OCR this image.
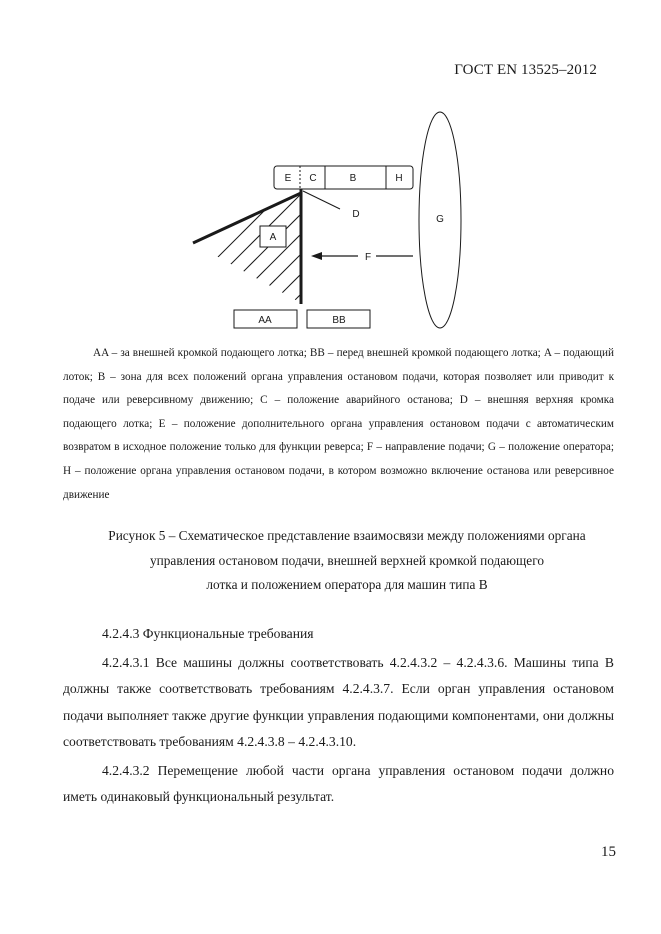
ГОСТ EN 13525–2012
E C	B	H
A
D
F
G
AA	BB
AA – за внешней кромкой подающего лотка; BB – перед внешней кромкой подающего лотка; A – подающий лоток; B – зона для всех положений органа управления остановом подачи, которая позволяет или приводит к подаче или реверсивному движению; C – положение аварийного останова; D – внешняя верхняя кромка подающего лотка; E – положение дополнительного органа управления остановом подачи с автоматическим возвратом в исходное положение только для функции реверса; F – направление подачи; G – положение оператора; H – положение органа управления остановом подачи, в котором возможно включение останова или реверсивное движение
Рисунок 5 – Схематическое представление взаимосвязи между положениями органа
управления остановом подачи, внешней верхней кромкой подающего
лотка и положением оператора для машин типа B
4.2.4.3 Функциональные требования
4.2.4.3.1 Все машины должны соответствовать 4.2.4.3.2 – 4.2.4.3.6. Машины типа B должны также соответствовать требованиям 4.2.4.3.7. Если орган управления остановом подачи выполняет также другие функции управления подающими компонентами, они должны соответствовать требованиям 4.2.4.3.8 – 4.2.4.3.10.
4.2.4.3.2 Перемещение любой части органа управления остановом подачи должно иметь одинаковый функциональный результат.
15
